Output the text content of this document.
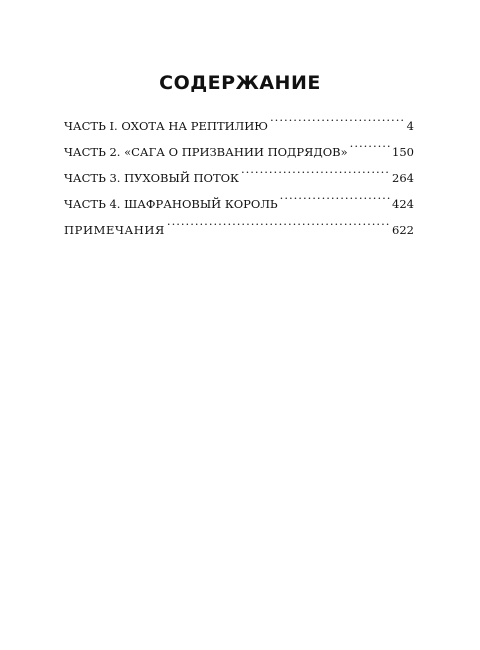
СОДЕРЖАНИЕ
ЧАСТЬ I. ОХОТА НА РЕПТИЛИЮ .....	4
ЧАСТЬ 2. «САГА О ПРИЗВАНИИ ПОДРЯДОВ» .....	150
ЧАСТЬ 3. ПУХОВЫЙ ПОТОК .....	264
ЧАСТЬ 4. ШАФРАНОВЫЙ КОРОЛЬ .....	424
ПРИМЕЧАНИЯ .....	622
